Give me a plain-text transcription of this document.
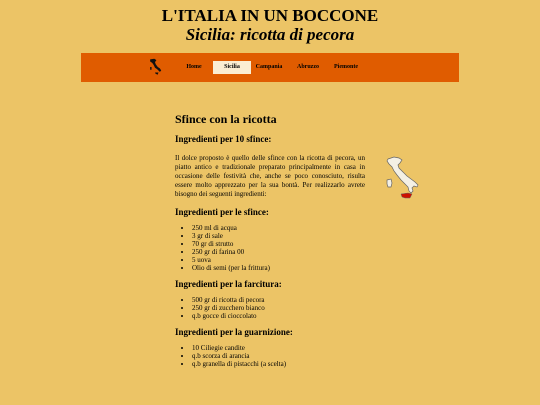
L'ITALIA IN UN BOCCONE
Sicilia: ricotta di pecora
Home	Sicilia	Campania	Abruzzo	Piemonte
Sfince con la ricotta
Ingredienti per 10 sfince:

Il dolce proposto è quello delle sfince con la ricotta di pecora, un piatto antico e tradizionale preparato principalmente in casa in occasione delle festività che, anche se poco conosciuto, risulta essere molto apprezzato per la sua bontà. Per realizzarlo avrete bisogno dei seguenti ingredienti:

Ingredienti per le sfince:
• 250 ml di acqua
• 3 gr di sale
• 70 gr di strutto
• 250 gr di farina 00
• 5 uova
• Olio di semi (per la frittura)
Ingredienti per la farcitura:
• 500 gr di ricotta di pecora
• 250 gr di zucchero bianco
• q.b gocce di cioccolato
Ingredienti per la guarnizione:
• 10 Ciliegie candite
• q.b scorza di arancia
• q.b granella di pistacchi (a scelta)
